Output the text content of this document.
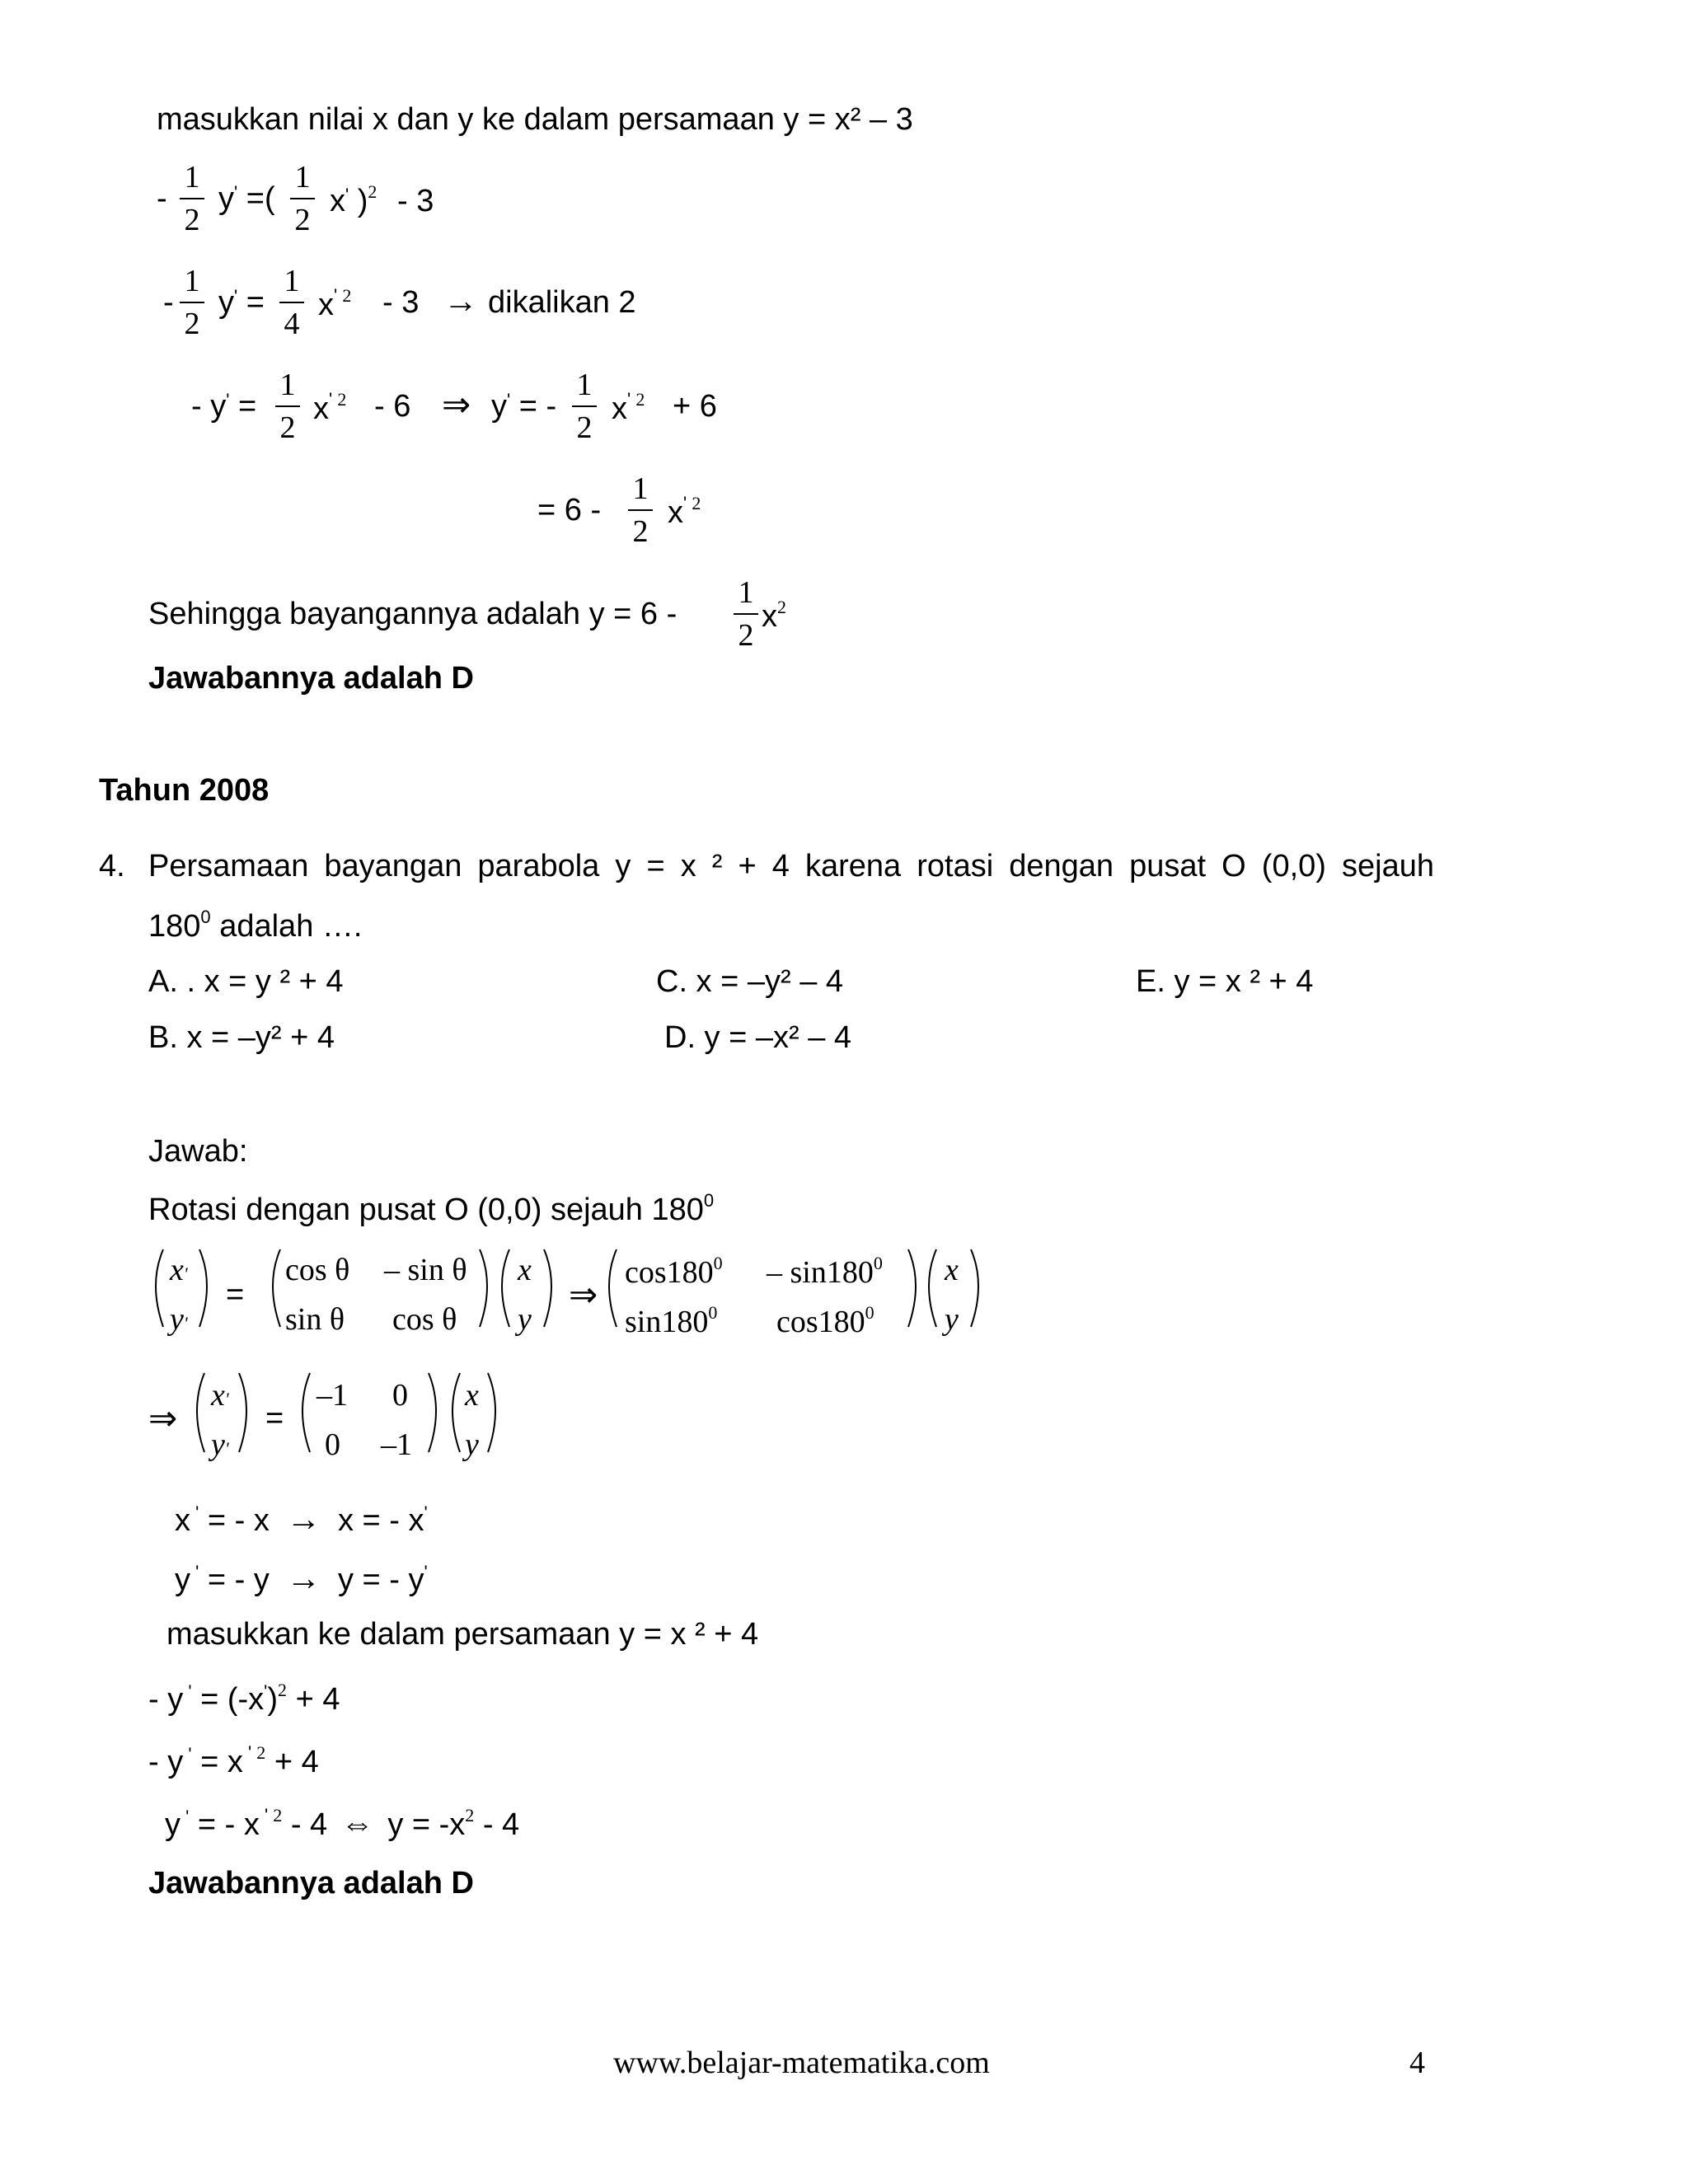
masukkan nilai x dan y ke dalam persamaan y = x² – 3
-
1
2
y' =(
1
2
x' )$^2$ - 3
-
1
2
y' =
1
4
x' $^2$ - 3 → dikalikan 2
- y' =
1
2
x' $^2$ - 6 ⇒ y' = -
1
2
x' $^2$ + 6
= 6 -
1
2
x' $^2$
Sehingga bayangannya adalah y = 6 -
1
2
$x^2$
Jawabannya adalah D
Tahun 2008
4. Persamaan bayangan parabola y = x ² + 4 karena rotasi dengan pusat O (0,0) sejauh
$180^0$ adalah ….
A. . x = y ² + 4	C. x = –y² – 4	E. y = x ² + 4
B. x = –y² + 4	D. y = –x² – 4
Jawab:
Rotasi dengan pusat O (0,0) sejauh $180^0$
x'
y'
=
cos θ – sin θ
sin θ cos θ
x
y
⇒
$\cos 180^0 - \sin 180^0$
$\sin 180^0$ $\cos 180^0$
x
y
⇒
x'
y'
=
–1 0
0 –1
x
y
x ' = - x → x = - x'
y ' = - y → y = - y'
masukkan ke dalam persamaan y = x ² + 4
- y $' = (-x')^2 + 4$
- y ' = x ' $^2$ + 4
y ' = - x ' $^2$ - 4 ⇔ $y = -x^2 - 4$
Jawabannya adalah D
www.belajar-matematika.com	4
